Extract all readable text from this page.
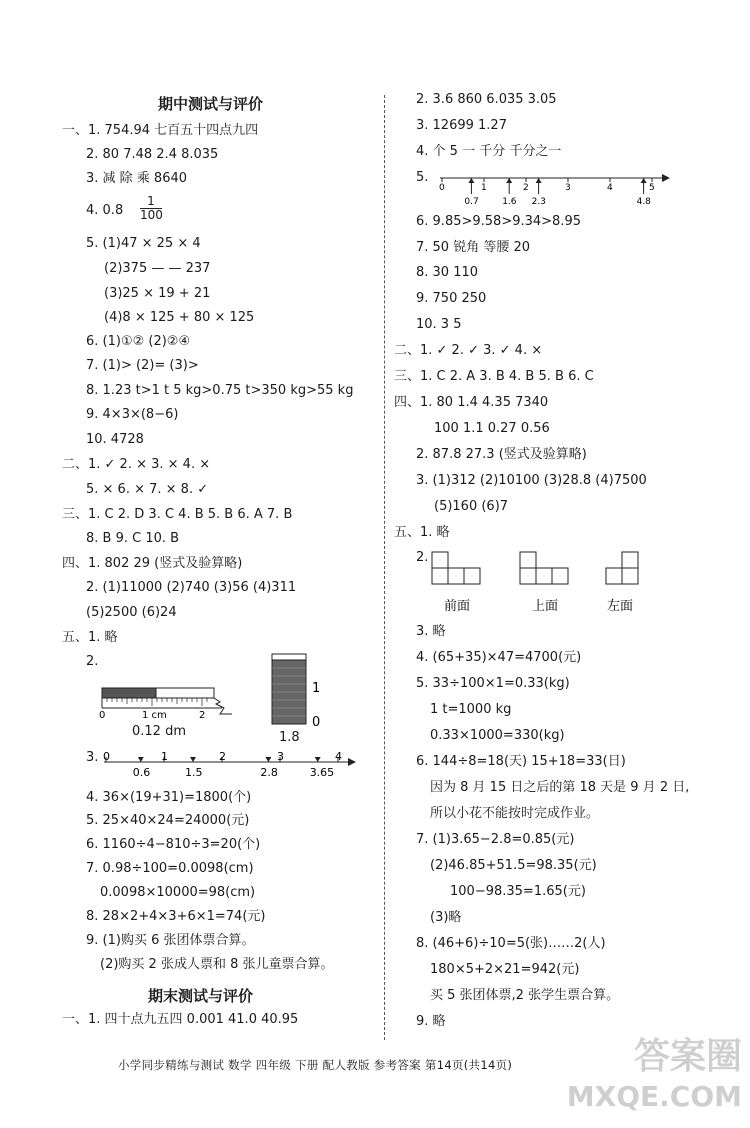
期中测试与评价
期末测试与评价
一、1. 754.94 七百五十四点九四
2. 80 7.48 2.4 8.035
3. 减 除 乘 8640
4. 0.8
1
100
5. (1)47 × 25 × 4
(2)375 — — 237
(3)25 × 19 + 21
(4)8 × 125 + 80 × 125
6. (1)①② (2)②④
7. (1)> (2)= (3)>
8. 1.23 t>1 t 5 kg>0.75 t>350 kg>55 kg
9. 4×3×(8−6)
10. 4728
二、1. ✓ 2. × 3. × 4. ×
5. × 6. × 7. × 8. ✓
三、1. C 2. D 3. C 4. B 5. B 6. A 7. B
8. B 9. C 10. B
四、1. 802 29 (竖式及验算略)
2. (1)11000 (2)740 (3)56 (4)311
(5)2500 (6)24
五、1. 略
2.
0	1 cm	2
0.12 dm
1
0
1.8
3. 0	1	2	3	4
0.6	1.5	2.8	3.65
4. 36×(19+31)=1800(个)
5. 25×40×24=24000(元)
6. 1160÷4−810÷3=20(个)
7. 0.98÷100=0.0098(cm)
0.0098×10000=98(cm)
8. 28×2+4×3+6×1=74(元)
9. (1)购买 6 张团体票合算。
(2)购买 2 张成人票和 8 张儿童票合算。
一、1. 四十点九五四 0.001 41.0 40.95
2. 3.6 860 6.035 3.05
3. 12699 1.27
4. 个 5 一 千分 千分之一
5.
0	1	2	3	4	5
0.7	1.6 2.3	4.8
6. 9.85>9.58>9.34>8.95
7. 50 锐角 等腰 20
8. 30 110
9. 750 250
10. 3 5
二、1. ✓ 2. ✓ 3. ✓ 4. ×
三、1. C 2. A 3. B 4. B 5. B 6. C
四、1. 80 1.4 4.35 7340
100 1.1 0.27 0.56
2. 87.8 27.3 (竖式及验算略)
3. (1)312 (2)10100 (3)28.8 (4)7500
(5)160 (6)7
五、1. 略
2.
前面	上面	左面
3. 略
4. (65+35)×47=4700(元)
5. 33÷100×1=0.33(kg)
1 t=1000 kg
0.33×1000=330(kg)
6. 144÷8=18(天) 15+18=33(日)
因为 8 月 15 日之后的第 18 天是 9 月 2 日,
所以小花不能按时完成作业。
7. (1)3.65−2.8=0.85(元)
(2)46.85+51.5=98.35(元)
100−98.35=1.65(元)
(3)略
8. (46+6)÷10=5(张)……2(人)
180×5+2×21=942(元)
买 5 张团体票,2 张学生票合算。
9. 略
小学同步精练与测试 数学 四年级 下册 配人教版 参考答案 第14页(共14页)	答案圈
MXQE.COM
